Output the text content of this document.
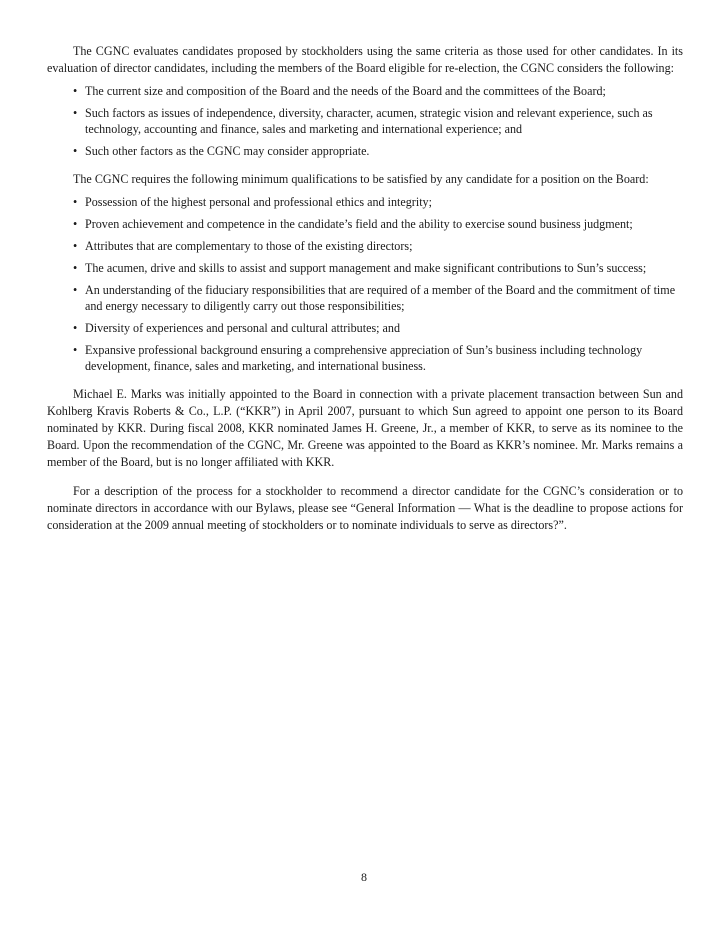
The CGNC evaluates candidates proposed by stockholders using the same criteria as those used for other candidates. In its evaluation of director candidates, including the members of the Board eligible for re-election, the CGNC considers the following:

• The current size and composition of the Board and the needs of the Board and the committees of the Board;
• Such factors as issues of independence, diversity, character, acumen, strategic vision and relevant experience, such as technology, accounting and finance, sales and marketing and international experience; and
• Such other factors as the CGNC may consider appropriate.

The CGNC requires the following minimum qualifications to be satisfied by any candidate for a position on the Board:

• Possession of the highest personal and professional ethics and integrity;
• Proven achievement and competence in the candidate’s field and the ability to exercise sound business judgment;
• Attributes that are complementary to those of the existing directors;
• The acumen, drive and skills to assist and support management and make significant contributions to Sun’s success;
• An understanding of the fiduciary responsibilities that are required of a member of the Board and the commitment of time and energy necessary to diligently carry out those responsibilities;
• Diversity of experiences and personal and cultural attributes; and
• Expansive professional background ensuring a comprehensive appreciation of Sun’s business including technology development, finance, sales and marketing, and international business.

Michael E. Marks was initially appointed to the Board in connection with a private placement transaction between Sun and Kohlberg Kravis Roberts & Co., L.P. (“KKR”) in April 2007, pursuant to which Sun agreed to appoint one person to its Board nominated by KKR. During fiscal 2008, KKR nominated James H. Greene, Jr., a member of KKR, to serve as its nominee to the Board. Upon the recommendation of the CGNC, Mr. Greene was appointed to the Board as KKR’s nominee. Mr. Marks remains a member of the Board, but is no longer affiliated with KKR.

For a description of the process for a stockholder to recommend a director candidate for the CGNC’s consideration or to nominate directors in accordance with our Bylaws, please see “General Information — What is the deadline to propose actions for consideration at the 2009 annual meeting of stockholders or to nominate individuals to serve as directors?”.

8
